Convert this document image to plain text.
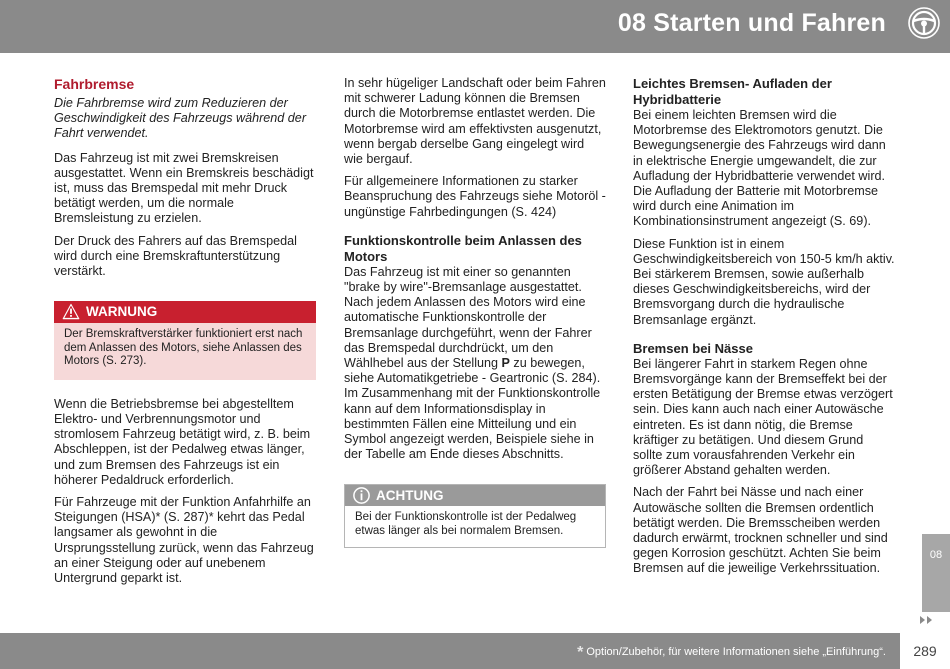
08 Starten und Fahren
Fahrbremse

Die Fahrbremse wird zum Reduzieren der Geschwindigkeit des Fahrzeugs während der Fahrt verwendet.

Das Fahrzeug ist mit zwei Bremskreisen ausgestattet. Wenn ein Bremskreis beschädigt ist, muss das Bremspedal mit mehr Druck betätigt werden, um die normale Bremsleistung zu erzielen.

Der Druck des Fahrers auf das Bremspedal wird durch eine Bremskraftunterstützung verstärkt.

WARNUNG
Der Bremskraftverstärker funktioniert erst nach dem Anlassen des Motors, siehe Anlassen des Motors (S. 273).

Wenn die Betriebsbremse bei abgestelltem Elektro- und Verbrennungsmotor und stromlosem Fahrzeug betätigt wird, z. B. beim Abschleppen, ist der Pedalweg etwas länger, und zum Bremsen des Fahrzeugs ist ein höherer Pedaldruck erforderlich.

Für Fahrzeuge mit der Funktion Anfahrhilfe an Steigungen (HSA)* (S. 287)* kehrt das Pedal langsamer als gewohnt in die Ursprungsstellung zurück, wenn das Fahrzeug an einer Steigung oder auf unebenem Untergrund geparkt ist.

In sehr hügeliger Landschaft oder beim Fahren mit schwerer Ladung können die Bremsen durch die Motorbremse entlastet werden. Die Motorbremse wird am effektivsten ausgenutzt, wenn bergab derselbe Gang eingelegt wird wie bergauf.

Für allgemeinere Informationen zu starker Beanspruchung des Fahrzeugs siehe Motoröl - ungünstige Fahrbedingungen (S. 424)

Funktionskontrolle beim Anlassen des Motors

Das Fahrzeug ist mit einer so genannten "brake by wire"-Bremsanlage ausgestattet. Nach jedem Anlassen des Motors wird eine automatische Funktionskontrolle der Bremsanlage durchgeführt, wenn der Fahrer das Bremspedal durchdrückt, um den Wählhebel aus der Stellung P zu bewegen, siehe Automatikgetriebe - Geartronic (S. 284). Im Zusammenhang mit der Funktionskontrolle kann auf dem Informationsdisplay in bestimmten Fällen eine Mitteilung und ein Symbol angezeigt werden, Beispiele siehe in der Tabelle am Ende dieses Abschnitts.

ACHTUNG
Bei der Funktionskontrolle ist der Pedalweg etwas länger als bei normalem Bremsen.
Leichtes Bremsen- Aufladen der Hybridbatterie

Bei einem leichten Bremsen wird die Motorbremse des Elektromotors genutzt. Die Bewegungsenergie des Fahrzeugs wird dann in elektrische Energie umgewandelt, die zur Aufladung der Hybridbatterie verwendet wird. Die Aufladung der Batterie mit Motorbremse wird durch eine Animation im Kombinationsinstrument angezeigt (S. 69).

Diese Funktion ist in einem Geschwindigkeitsbereich von 150-5 km/h aktiv. Bei stärkerem Bremsen, sowie außerhalb dieses Geschwindigkeitsbereichs, wird der Bremsvorgang durch die hydraulische Bremsanlage ergänzt.

Bremsen bei Nässe

Bei längerer Fahrt in starkem Regen ohne Bremsvorgänge kann der Bremseffekt bei der ersten Betätigung der Bremse etwas verzögert sein. Dies kann auch nach einer Autowäsche eintreten. Es ist dann nötig, die Bremse kräftiger zu betätigen. Und diesem Grund sollte zum vorausfahrenden Verkehr ein größerer Abstand gehalten werden.

Nach der Fahrt bei Nässe und nach einer Autowäsche sollten die Bremsen ordentlich betätigt werden. Die Bremsscheiben werden dadurch erwärmt, trocknen schneller und sind gegen Korrosion geschützt. Achten Sie beim Bremsen auf die jeweilige Verkehrssituation.

08
* Option/Zubehör, für weitere Informationen siehe „Einführung“.	289
